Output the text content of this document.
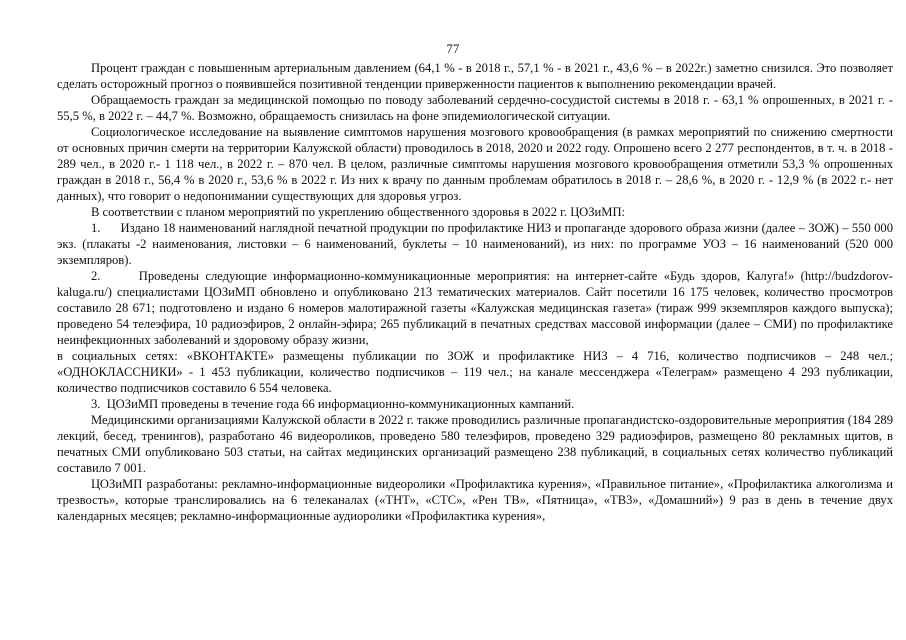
77

Процент граждан с повышенным артериальным давлением (64,1 % - в 2018 г., 57,1 % - в 2021 г., 43,6 % – в 2022г.) заметно снизился. Это позволяет сделать осторожный прогноз о появившейся позитивной тенденции приверженности пациентов к выполнению рекомендации врачей.

Обращаемость граждан за медицинской помощью по поводу заболеваний сердечно-сосудистой системы в 2018 г. - 63,1 % опрошенных, в 2021 г. - 55,5 %, в 2022 г. – 44,7 %. Возможно, обращаемость снизилась на фоне эпидемиологической ситуации.

Социологическое исследование на выявление симптомов нарушения мозгового кровообращения (в рамках мероприятий по снижению смертности от основных причин смерти на территории Калужской области) проводилось в 2018, 2020 и 2022 году. Опрошено всего 2 277 респондентов, в т. ч. в 2018 - 289 чел., в 2020 г.- 1 118 чел., в 2022 г. – 870 чел. В целом, различные симптомы нарушения мозгового кровообращения отметили 53,3 % опрошенных граждан в 2018 г., 56,4 % в 2020 г., 53,6 % в 2022 г. Из них к врачу по данным проблемам обратилось в 2018 г. – 28,6 %, в 2020 г. - 12,9 % (в 2022 г.- нет данных), что говорит о недопонимании существующих для здоровья угроз.

В соответствии с планом мероприятий по укреплению общественного здоровья в 2022 г. ЦОЗиМП:

1.      Издано 18 наименований наглядной печатной продукции по профилактике НИЗ и пропаганде здорового образа жизни (далее – ЗОЖ) – 550 000 экз. (плакаты -2 наименования, листовки – 6 наименований, буклеты – 10 наименований), из них: по программе УОЗ – 16 наименований (520 000 экземпляров).

2.      Проведены следующие информационно-коммуникационные мероприятия: на интернет-сайте «Будь здоров, Калуга!» (http://budzdorov-kaluga.ru/) специалистами ЦОЗиМП обновлено и опубликовано 213 тематических материалов. Сайт посетили 16 175 человек, количество просмотров составило 28 671; подготовлено и издано 6 номеров малотиражной газеты «Калужская медицинская газета» (тираж 999 экземпляров каждого выпуска); проведено 54 телеэфира, 10 радиоэфиров, 2 онлайн-эфира; 265 публикаций в печатных средствах массовой информации (далее – СМИ) по профилактике неинфекционных заболеваний и здоровому образу жизни,

в социальных сетях: «ВКОНТАКТЕ» размещены публикации по ЗОЖ и профилактике НИЗ – 4 716, количество подписчиков – 248 чел.; «ОДНОКЛАССНИКИ» - 1 453 публикации, количество подписчиков – 119 чел.; на канале мессенджера «Телеграм» размещено 4 293 публикации, количество подписчиков составило 6 554 человека.

3.  ЦОЗиМП проведены в течение года 66 информационно-коммуникационных кампаний.

Медицинскими организациями Калужской области в 2022 г. также проводились различные пропагандистско-оздоровительные мероприятия (184 289 лекций, бесед, тренингов), разработано 46 видеороликов, проведено 580 телеэфиров, проведено 329 радиоэфиров, размещено 80 рекламных щитов, в печатных СМИ опубликовано 503 статьи, на сайтах медицинских организаций размещено 238 публикаций, в социальных сетях количество публикаций составило 7 001.

ЦОЗиМП разработаны: рекламно-информационные видеоролики «Профилактика курения», «Правильное питание», «Профилактика алкоголизма и трезвость», которые транслировались на 6 телеканалах («ТНТ», «СТС», «Рен ТВ», «Пятница», «ТВ3», «Домашний») 9 раз в день в течение двух календарных месяцев; рекламно-информационные аудиоролики «Профилактика курения»,
